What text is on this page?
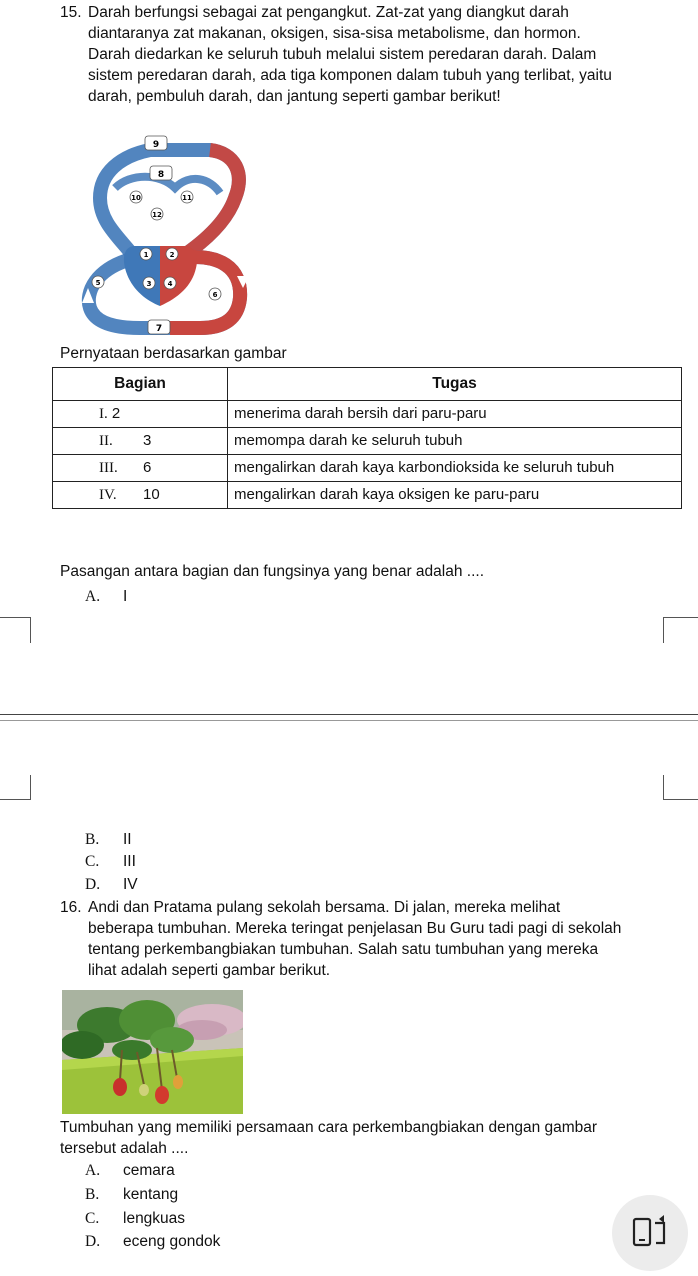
15. Darah berfungsi sebagai zat pengangkut. Zat-zat yang diangkut darah
diantaranya zat makanan, oksigen, sisa-sisa metabolisme, dan hormon.
Darah diedarkan ke seluruh tubuh melalui sistem peredaran darah. Dalam
sistem peredaran darah, ada tiga komponen dalam tubuh yang terlibat, yaitu
darah, pembuluh darah, dan jantung seperti gambar berikut!
9
8
10	11
12
1	2
3 4
5
6
7
Pernyataan berdasarkan gambar
Bagian	Tugas
I. 2	menerima darah bersih dari paru-paru
II. 3	memompa darah ke seluruh tubuh
III. 6	mengalirkan darah kaya karbondioksida ke seluruh tubuh
IV. 10	mengalirkan darah kaya oksigen ke paru-paru
Pasangan antara bagian dan fungsinya yang benar adalah ....
A. I
B. II
C. III
D. IV
16. Andi dan Pratama pulang sekolah bersama. Di jalan, mereka melihat
beberapa tumbuhan. Mereka teringat penjelasan Bu Guru tadi pagi di sekolah
tentang perkembangbiakan tumbuhan. Salah satu tumbuhan yang mereka
lihat adalah seperti gambar berikut.
Tumbuhan yang memiliki persamaan cara perkembangbiakan dengan gambar
tersebut adalah ....
A. cemara
B. kentang
C. lengkuas
D. eceng gondok
